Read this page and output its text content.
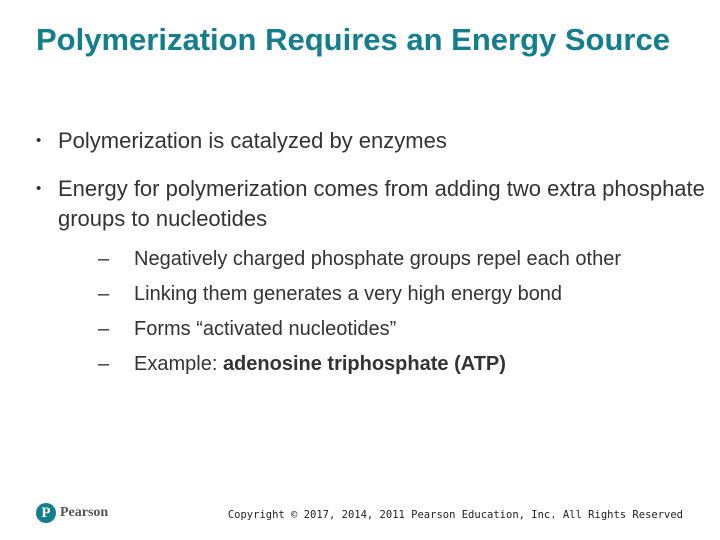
Polymerization Requires an Energy Source
• Polymerization is catalyzed by enzymes
• Energy for polymerization comes from adding two extra phosphate groups to nucleotides
– Negatively charged phosphate groups repel each other
– Linking them generates a very high energy bond
– Forms “activated nucleotides”
– Example: adenosine triphosphate (ATP)
P Pearson	Copyright © 2017, 2014, 2011 Pearson Education, Inc. All Rights Reserved
